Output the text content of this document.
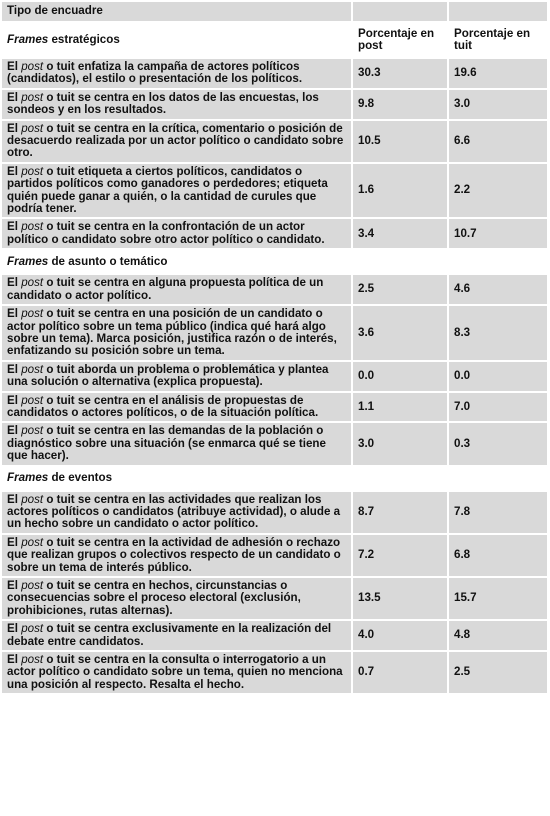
Tipo de encuadre		
Frames estratégicos	Porcentaje en post	Porcentaje en tuit
El post o tuit enfatiza la campaña de actores políticos (candidatos), el estilo o presentación de los políticos.	30.3	19.6
El post o tuit se centra en los datos de las encuestas, los sondeos y en los resultados.	9.8	3.0
El post o tuit se centra en la crítica, comentario o posición de desacuerdo realizada por un actor político o candidato sobre otro.	10.5	6.6
El post o tuit etiqueta a ciertos políticos, candidatos o partidos políticos como ganadores o perdedores; etiqueta quién puede ganar a quién, o la cantidad de curules que podría tener.	1.6	2.2
El post o tuit se centra en la confrontación de un actor político o candidato sobre otro actor político o candidato.	3.4	10.7
Frames de asunto o temático		
El post o tuit se centra en alguna propuesta política de un candidato o actor político.	2.5	4.6
El post o tuit se centra en una posición de un candidato o actor político sobre un tema público (indica qué hará algo sobre un tema). Marca posición, justifica razón o de interés, enfatizando su posición sobre un tema.	3.6	8.3
El post o tuit aborda un problema o problemática y plantea una solución o alternativa (explica propuesta).	0.0	0.0
El post o tuit se centra en el análisis de propuestas de candidatos o actores políticos, o de la situación política.	1.1	7.0
El post o tuit se centra en las demandas de la población o diagnóstico sobre una situación (se enmarca qué se tiene que hacer).	3.0	0.3
Frames de eventos		
El post o tuit se centra en las actividades que realizan los actores políticos o candidatos (atribuye actividad), o alude a un hecho sobre un candidato o actor político.	8.7	7.8
El post o tuit se centra en la actividad de adhesión o rechazo que realizan grupos o colectivos respecto de un candidato o sobre un tema de interés público.	7.2	6.8
El post o tuit se centra en hechos, circunstancias o consecuencias sobre el proceso electoral (exclusión, prohibiciones, rutas alternas).	13.5	15.7
El post o tuit se centra exclusivamente en la realización del debate entre candidatos.	4.0	4.8
El post o tuit se centra en la consulta o interrogatorio a un actor político o candidato sobre un tema, quien no menciona una posición al respecto. Resalta el hecho.	0.7	2.5
